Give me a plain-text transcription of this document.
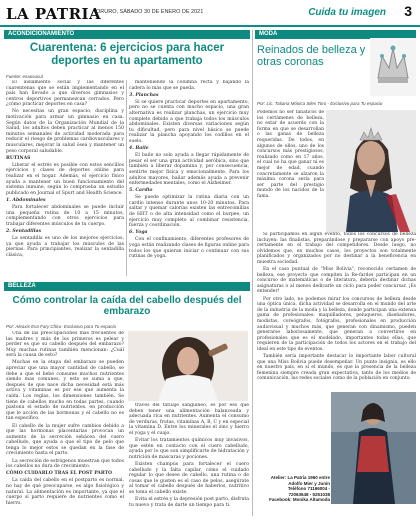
LA PATRIA
ORURO, SÁBADO 30 DE ENERO DE 2021	Cuida tu imagen 3
ACONDICIONAMIENTO
Cuarentena: 6 ejercicios para hacer deportes en tu apartamento
Fuente: esaosucul

El aislamiento social y las diferentes cuarentenas que se están implementando en el país han llevado a que diversos gimnasios y centros deportivos permanezcan cerrados. Pero ¿cómo practicar deportes en casa?

No necesitas un gran espacio, disciplina y motivación para armar un gimnasio en casa. Según datos de la Organización Mundial de la Salud, los adultos deben practicar al menos 150 minutos semanales de actividad moderada para reducir el riesgo de problemas cardiovasculares y musculares, mejorar la salud ósea y mantener un peso corporal saludable.

RUTINAS

Liberar el estrés es posible con estos sencillos ejercicios y clases de deportes online para realizar en el hogar. Además, el ejercicio físico ayuda a mantener un buen funcionamiento del sistema inmune, según lo comprueba un estudio publicado en Journal of Sport and Health Science.

1. Abdominales

Para fortalecer abdominales se puede incluir una pequeña rutina de 10 a 15 minutos, complementando con otros ejercicios para trabajar diferentes músculos de tu cuerpo.

2. Sentadillas

La sentadilla es uno de los mejores ejercicios, ya que ayuda a trabajar los músculos de las piernas. Para principiantes, realizar la sentadilla clásica,

manteniendo la columna recta y bajando la cadera lo más que se pueda.

3. Planchas

Si se quiere practicar deportes en apartamento, pero no se cuenta con mucho espacio, una gran alternativa es realizar planchas, un ejercicio muy completo debido a que trabaja todos los músculos abdominales. Existen diversas variaciones según tu dificultad, pero para nivel básico se puede realizar la plancha apoyando los codillos en el suelo.

4. Baile

El baile no solo ayuda a llegar rápidamente de pesar el ser una gran actividad aeróbica, sino que también a liberar dopamina y, por consecuencia, sentirte mejor física y emocionalmente. Para los adultos mayores, bailar además ayuda a prevenir enfermedades mentales, como el Alzheimer.

5. Cardio

Se puede optimizar la rutina diaria con un cardio intenso durante unos 10-20 minutos. Para saltar y quemar calorías existen las entrecomillas de HIIT o de alta intensidad como el burpee, un ejercicio muy completo al combinar resistencia, fuerza y coordinación.

6. Yoga

Con el confinamiento, diferentes profesores de yoga están realizando clases de figuras online para todos los que quieran iniciar o continuar con sus rutinas de yoga.

MODA
Reinados de belleza y otras coronas
Por: Lic. Tatiana Mónica Siles Toro - Exclusivo para Tu espacio

Podemos no ser fanáticos de los certámenes de belleza, no estar de acuerdo con la forma en que se desarrollan o las ganas de belleza requeridas. De todos, en algunos de ellos, uno de los concursos más prestigiosos, realizado como en 17 años, el cual no ha que ganar ni es mejor de edad, cuando concretamente se alzaron la máxima corona sería para ser parte del prestigio mundo de los nacidos de la fama.

Si participamos en algún evento, todos los concursos de belleza incluyen: las finalistas, preparándose y prepararse con apoyo pre-certamente en el trabajo del competidores. Desde luego, no olvidemos que, en muchos casos, los proyectos son totalmente planificados y organizados por no destinar a la beneficencia en muestra sociedad.

En el caso puntual de "Miss Bolivia", reconocido certamen de belleza, ese proyecto que compiten la Re-fardos participan en un concurso de matemáticas o de literatura, debería destinar dichas asignaturas o al menos dedicarle un ciclo para poder concursar. ¡Es entender!

Por otro lado, no podemos mirar los concursos de belleza desde una óptica única, dicha actividad se desarrolla en el mundo del arte de la industria de la moda y la belleza, donde participan una extensa gama de profesionales: maquilladores, peluqueros, diseñadores, modistas, coreógrafos, fotógrafos, profesionales en producción audiovisual y muchos más, que generan con dinamismo, pueden generarse laboriosamente, que generan a convertirse en profesionales que es el modelado, importantes todas ellas, que requieren de la participación de todos los actores en el trabajo del ideal en este tipo de eventos.

También sería importante destacar lo importante labor cultural que una Miss Bolivia puede desempeñar. Un punto insignia, es ello en nuestro país, en sí el mundo, es que la presencia de la belleza femenina siempre creada gran expectativa, tanto de los medios de comunicación, las redes sociales como de la población en conjunto.

Atelier: La Patria 1960 entre Adolfo Mier y Junín
Teléfono 71166004 - 72063648 - 5251038
Facebook: Monika Altamoda
BELLEZA
Cómo controlar la caída del cabello después del embarazo
Por: Aleaxis Eva Fary Chiru- Exclusivo para Tu espacio

Una de las preocupaciones más frecuentes de las madres y más de los primeros es pelear y perder es que su cabello después del embarazo? Muy muchas rutinas también mencionan: ¿Cuál será la causa de esto?

Muchas en la etapa del embarazo se pueden apreciar que una mayor cantidad de cabello, se debe a que el bebé consume muchos nutrientes siendo mas comunes, y esto se suma a que, después de que nace dicha necesidad está más activa y vitaminas es por ese que aumenta la caída. Los reglas, los dimensiones también. Se tiene de cabellos mucho en todas partes, cuando pastonu el estado de nutrientes. en producción que le acción de las hormonas y el cabello no es tan específico.

El cabello de la mujer sufre cambios debido a que las hormonas placentarias provocan un aumento de la secreción sebácea del cuero cabelludo, que ayuda a que el tipo de pelo que tenga lo mejor estos se quedan en la fase de crecimiento hasta el parto.

La secreción de estrógenos muestran que todos los cabellos no dura de crecimiento.

CÓMO CUIDARLO TRAS EL POST PARTO

La caída del cabello en el postparto es normal, no hay de qué preocuparse, es algo fisiológico y natural. La alimentación es importante, ya que el cuerpo sí parto requiere de nutrientes como el hierro.

través del tatuaje sanguíneo, es por eso que deben tener una alimentación balanceada y adecuada rica en nutrientes. Aumenta el consumo de verduras, frutas, vitaminas A, B, C y en especial la vitamina D. Entre los minerales el zinc y hierro el yoga y el cuajo.

Evitar los tratamientos químicos muy invasivos, que estén en contacto con el cuero cabelludo, ayuda por lo que son simplificarte de hidratación y nutrición de mascaras y pociones.

Existen champús para fortalecer el cuero cabelludo y la falta capilar, cómo el cuidado regular lo que desee de cabello, una rutina o de cosas que le gusten es el caso de pelos, asegúrate al tomar el cabello después de haberlos, nutritivo se toma el cabello existe.

Evita el estrés y la depresión post parto, disfruta tu nuevo y trata de darte un tiempo para ti.
